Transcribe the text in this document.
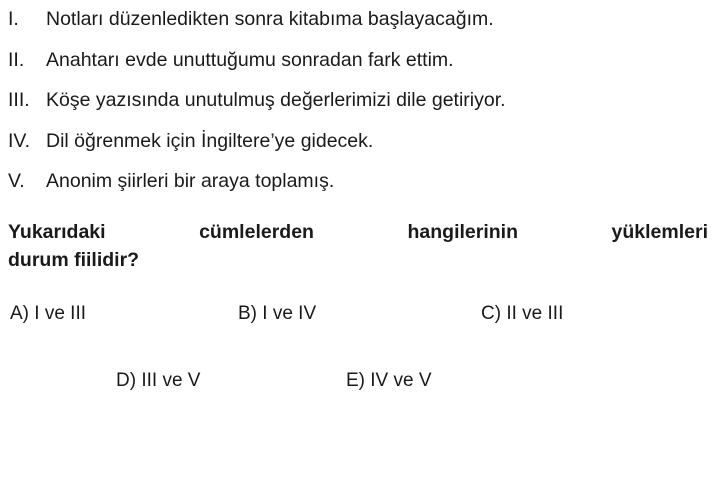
I.	Notları düzenledikten sonra kitabıma başlayacağım.
II.	Anahtarı evde unuttuğumu sonradan fark ettim.
III. Köşe yazısında unutulmuş değerlerimizi dile getiriyor.
IV. Dil öğrenmek için İngiltere’ye gidecek.
V.	Anonim şiirleri bir araya toplamış.
Yukarıdaki cümlelerden hangilerinin yüklemleri
durum fiilidir?
A) I ve III	B) I ve IV	C) II ve III
D) III ve V	E) IV ve V
